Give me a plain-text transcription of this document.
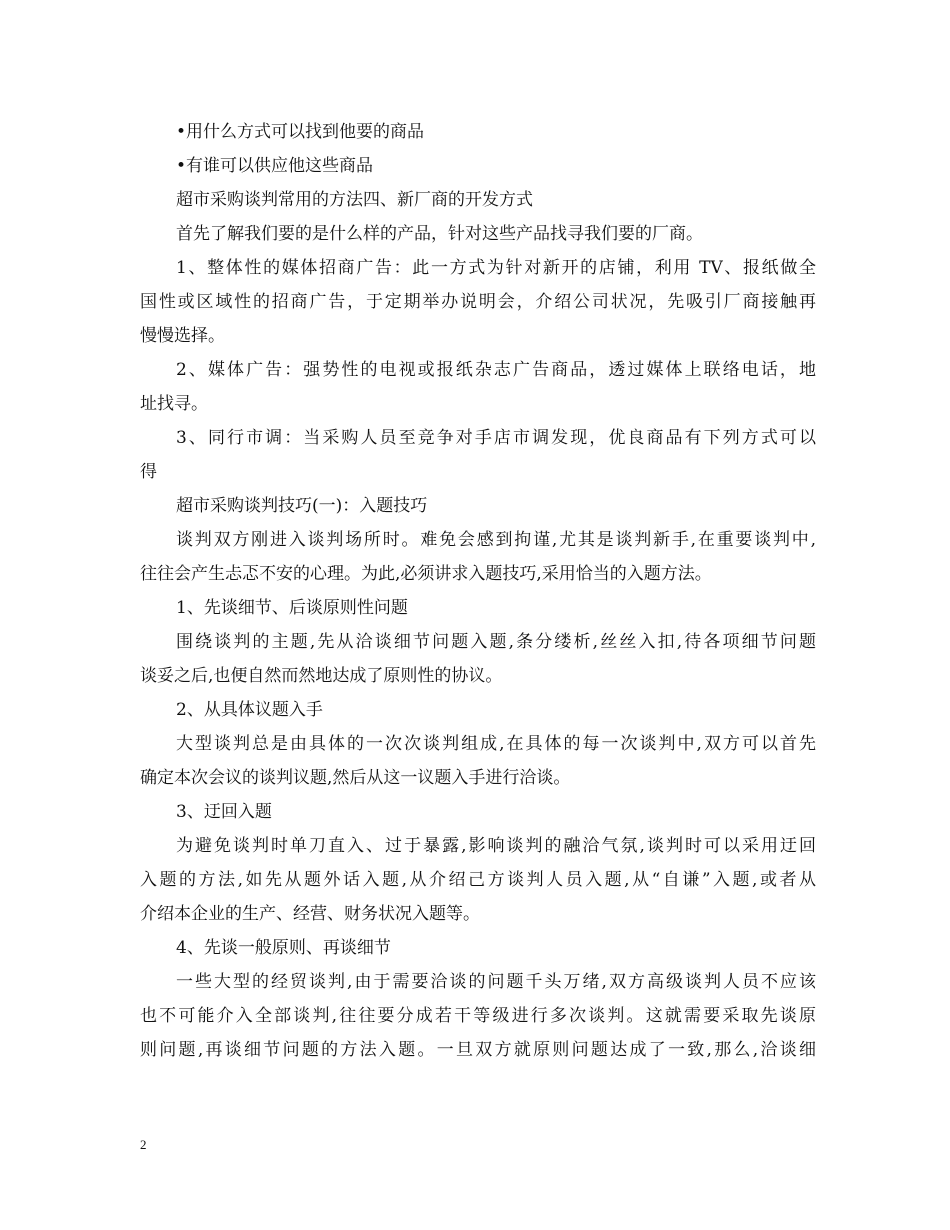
•用什么方式可以找到他要的商品
•有谁可以供应他这些商品
超市采购谈判常用的方法四、新厂商的开发方式
首先了解我们要的是什么样的产品，针对这些产品找寻我们要的厂商。
1、整体性的媒体招商广告：此一方式为针对新开的店铺，利用 TV、报纸做全
国性或区域性的招商广告，于定期举办说明会，介绍公司状况，先吸引厂商接触再
慢慢选择。
2、媒体广告：强势性的电视或报纸杂志广告商品，透过媒体上联络电话，地
址找寻。
3、同行市调：当采购人员至竞争对手店市调发现，优良商品有下列方式可以
得
超市采购谈判技巧(一)：入题技巧
谈判双方刚进入谈判场所时。难免会感到拘谨,尤其是谈判新手,在重要谈判中,
往往会产生忐忑不安的心理。为此,必须讲求入题技巧,采用恰当的入题方法。
1、先谈细节、后谈原则性问题
围绕谈判的主题,先从洽谈细节问题入题,条分缕析,丝丝入扣,待各项细节问题
谈妥之后,也便自然而然地达成了原则性的协议。
2、从具体议题入手
大型谈判总是由具体的一次次谈判组成,在具体的每一次谈判中,双方可以首先
确定本次会议的谈判议题,然后从这一议题入手进行洽谈。
3、迂回入题
为避免谈判时单刀直入、过于暴露,影响谈判的融洽气氛,谈判时可以采用迂回
入题的方法,如先从题外话入题,从介绍己方谈判人员入题,从“自谦”入题,或者从
介绍本企业的生产、经营、财务状况入题等。
4、先谈一般原则、再谈细节
一些大型的经贸谈判,由于需要洽谈的问题千头万绪,双方高级谈判人员不应该
也不可能介入全部谈判,往往要分成若干等级进行多次谈判。这就需要采取先谈原
则问题,再谈细节问题的方法入题。一旦双方就原则问题达成了一致,那么,洽谈细
2
